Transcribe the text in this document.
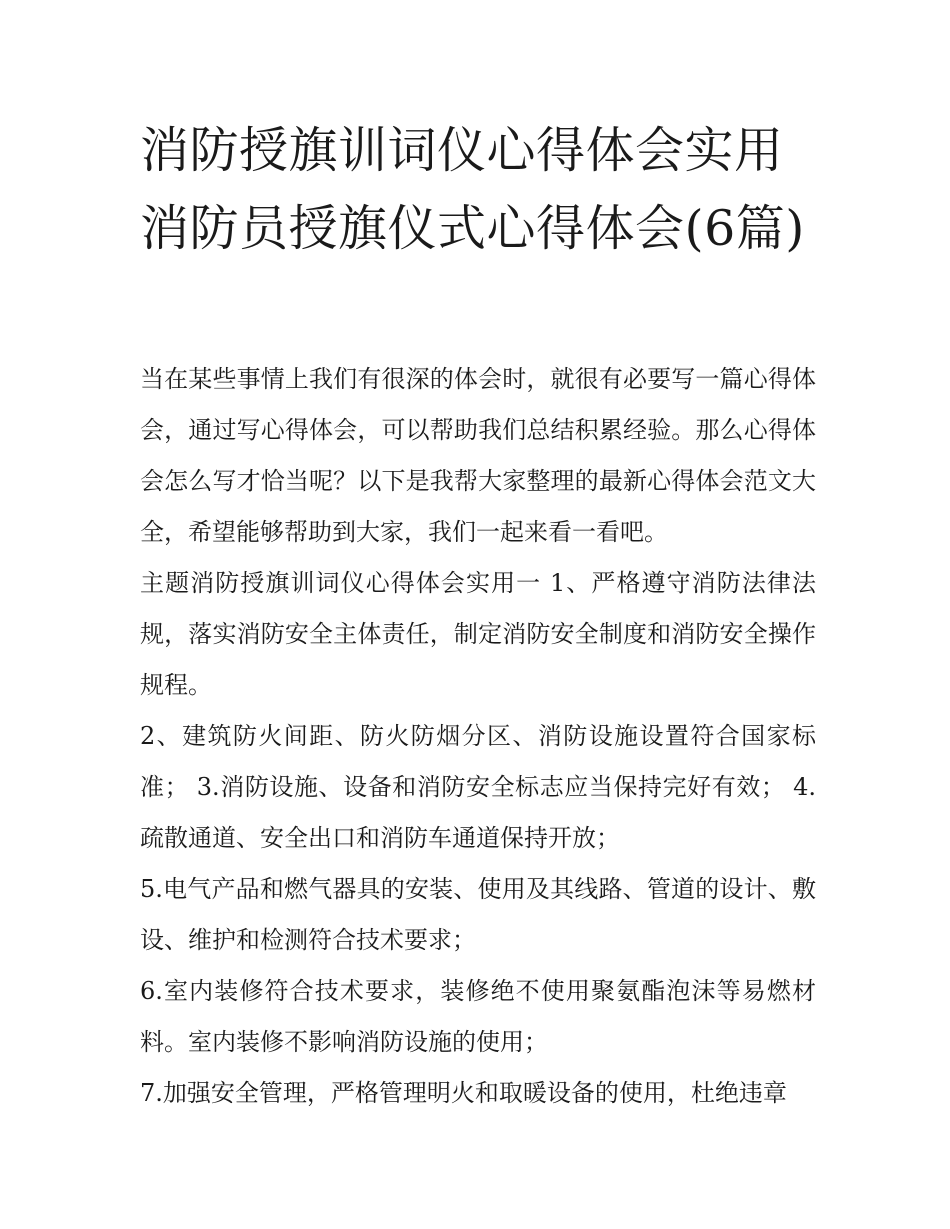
消防授旗训词仪心得体会实用消防员授旗仪式心得体会(6篇)

当在某些事情上我们有很深的体会时，就很有必要写一篇心得体会，通过写心得体会，可以帮助我们总结积累经验。那么心得体会怎么写才恰当呢？以下是我帮大家整理的最新心得体会范文大全，希望能够帮助到大家，我们一起来看一看吧。

主题消防授旗训词仪心得体会实用一 1、严格遵守消防法律法规，落实消防安全主体责任，制定消防安全制度和消防安全操作规程。

2、建筑防火间距、防火防烟分区、消防设施设置符合国家标准； 3.消防设施、设备和消防安全标志应当保持完好有效； 4.疏散通道、安全出口和消防车通道保持开放；

5.电气产品和燃气器具的安装、使用及其线路、管道的设计、敷设、维护和检测符合技术要求；

6.室内装修符合技术要求，装修绝不使用聚氨酯泡沫等易燃材料。室内装修不影响消防设施的使用；

7.加强安全管理，严格管理明火和取暖设备的使用，杜绝违章
